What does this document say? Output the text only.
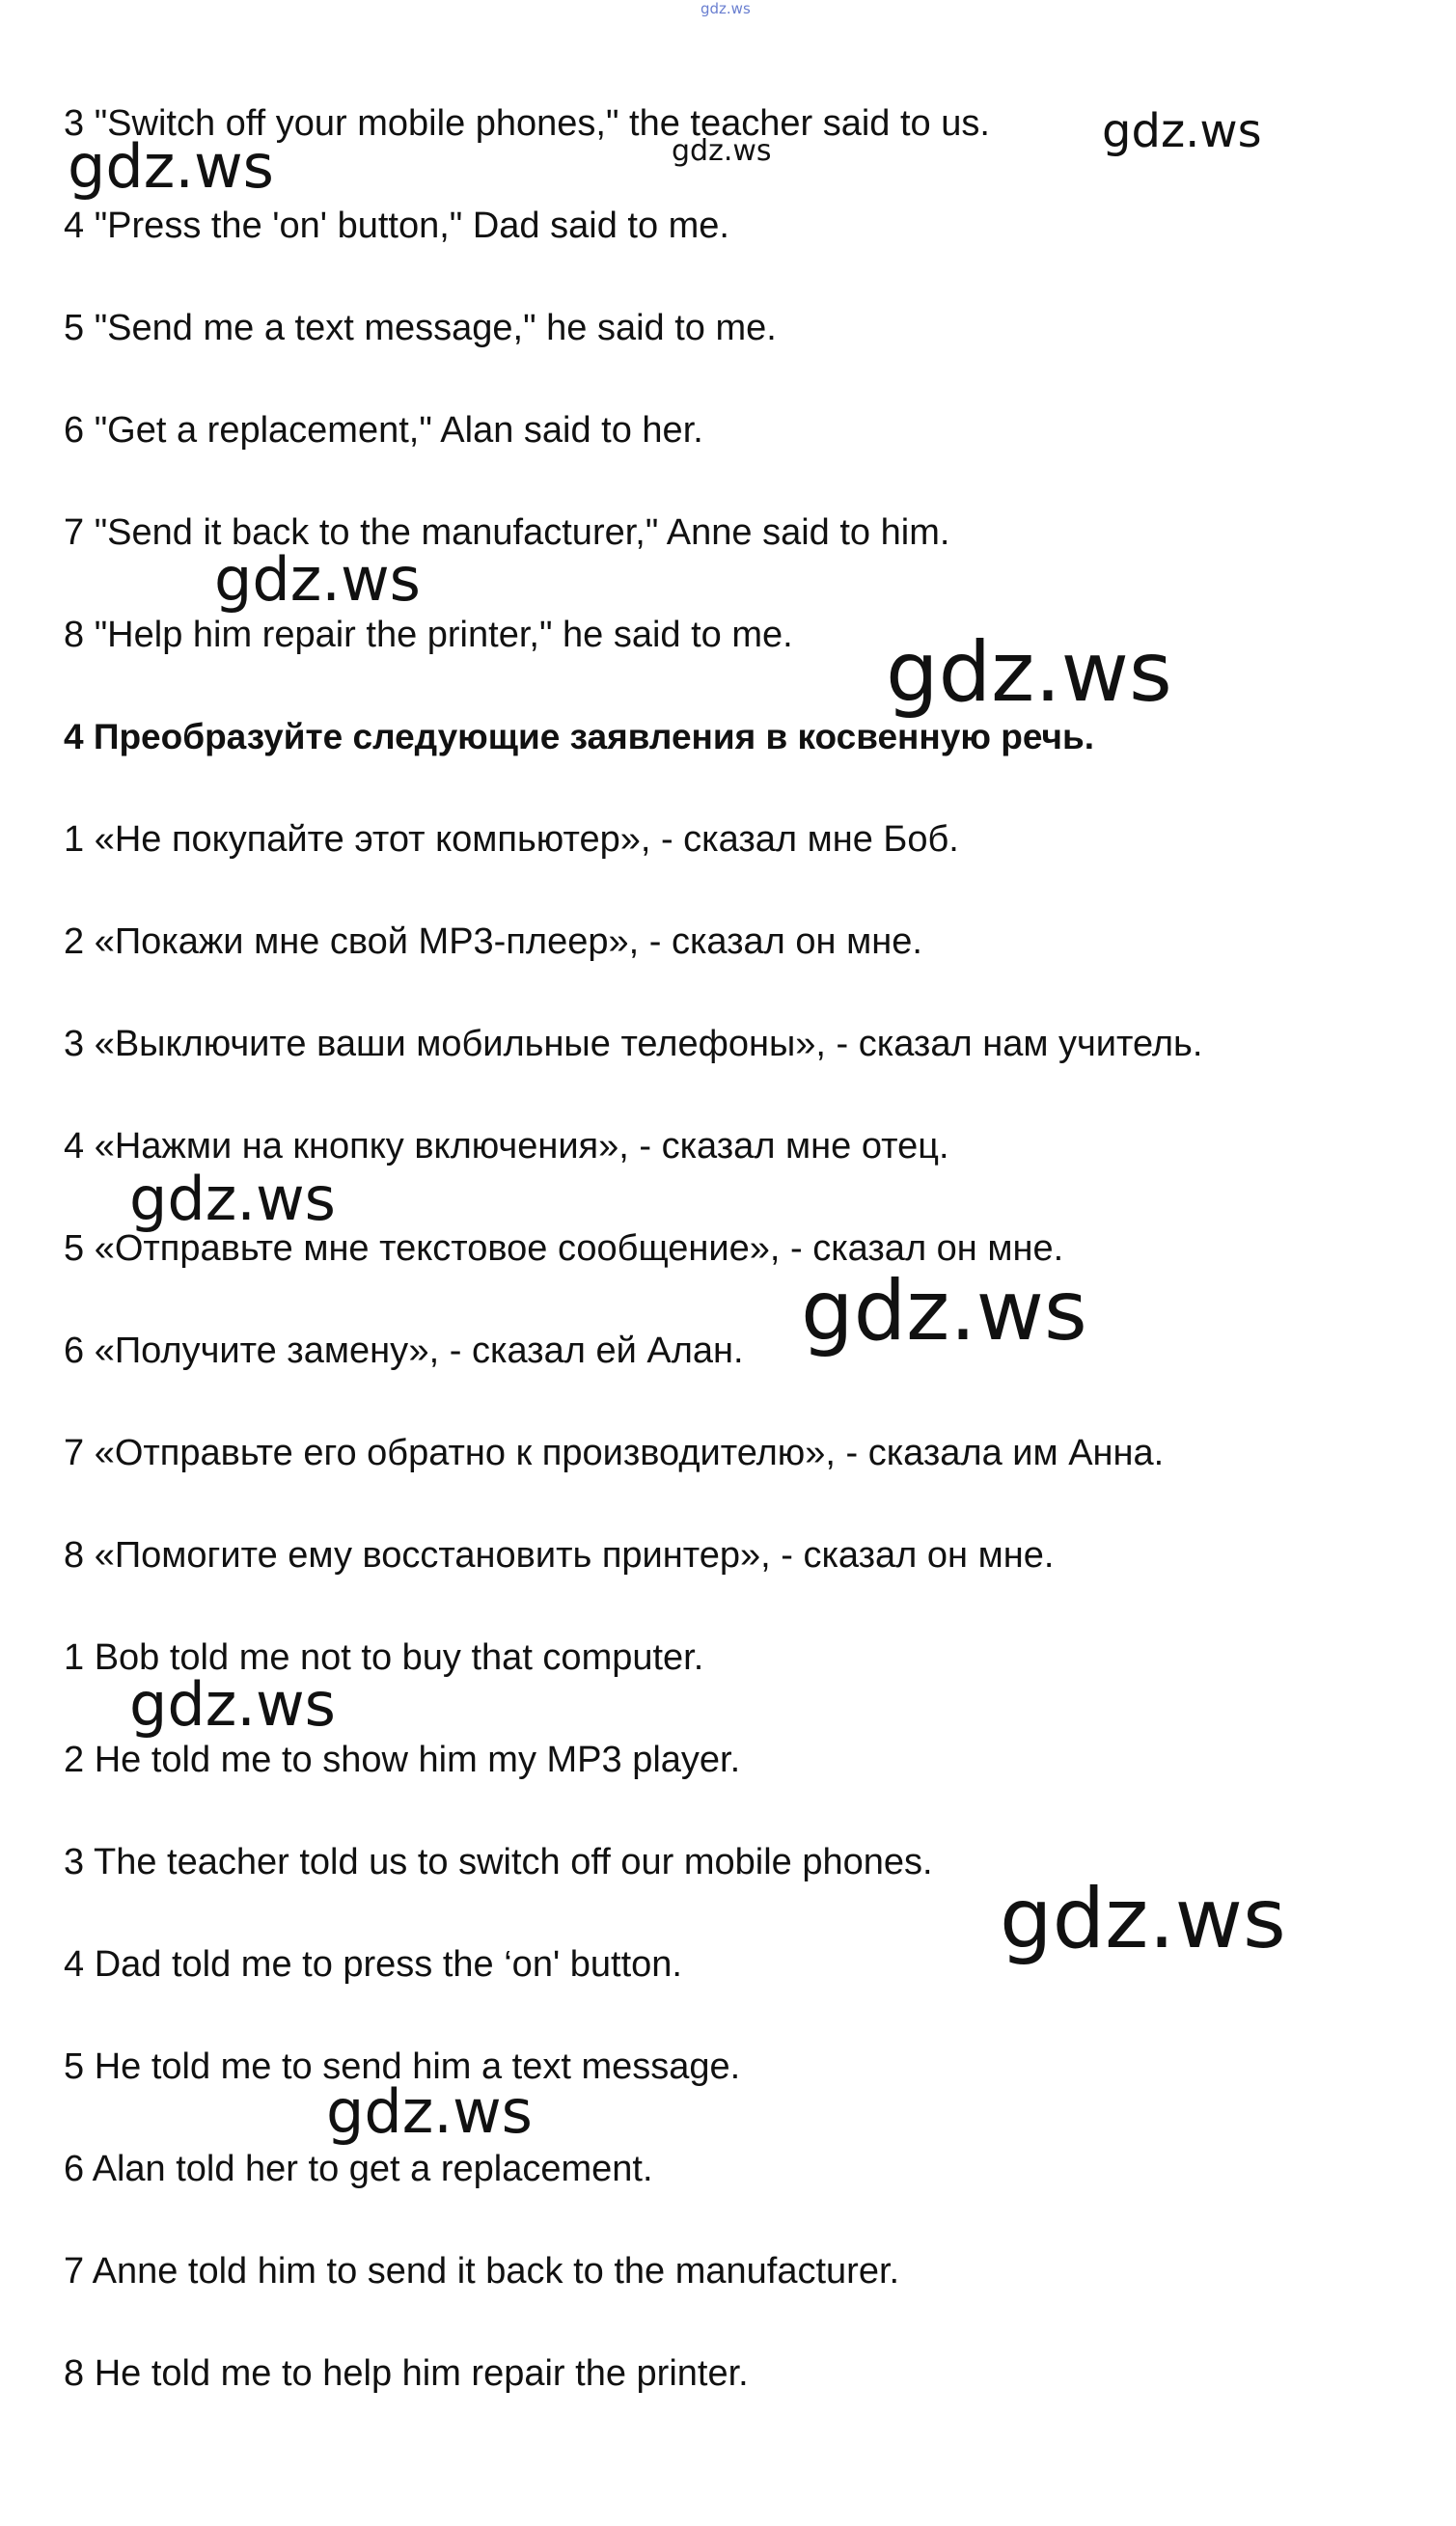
3 "Switch off your mobile phones," the teacher said to us.

4 "Press the 'on' button," Dad said to me.

5 "Send me a text message," he said to me.

6 "Get a replacement," Alan said to her.

7 "Send it back to the manufacturer," Anne said to him.

8 "Help him repair the printer," he said to me.

4 Преобразуйте следующие заявления в косвенную речь.

1 «Не покупайте этот компьютер», - сказал мне Боб.

2 «Покажи мне свой MP3-плеер», - сказал он мне.

3 «Выключите ваши мобильные телефоны», - сказал нам учитель.

4 «Нажми на кнопку включения», - сказал мне отец.

5 «Отправьте мне текстовое сообщение», - сказал он мне.

6 «Получите замену», - сказал ей Алан.

7 «Отправьте его обратно к производителю», - сказала им Анна.

8 «Помогите ему восстановить принтер», - сказал он мне.

1 Bob told me not to buy that computer.

2 He told me to show him my MP3 player.

3 The teacher told us to switch off our mobile phones.

4 Dad told me to press the ‘on' button.

5 He told me to send him a text message.

6 Alan told her to get a replacement.

7 Anne told him to send it back to the manufacturer.

8 He told me to help him repair the printer.

gdz.ws
gdz.ws	gdz.ws	gdz.ws
gdz.ws
gdz.ws
gdz.ws
gdz.ws
gdz.ws
gdz.ws
gdz.ws
